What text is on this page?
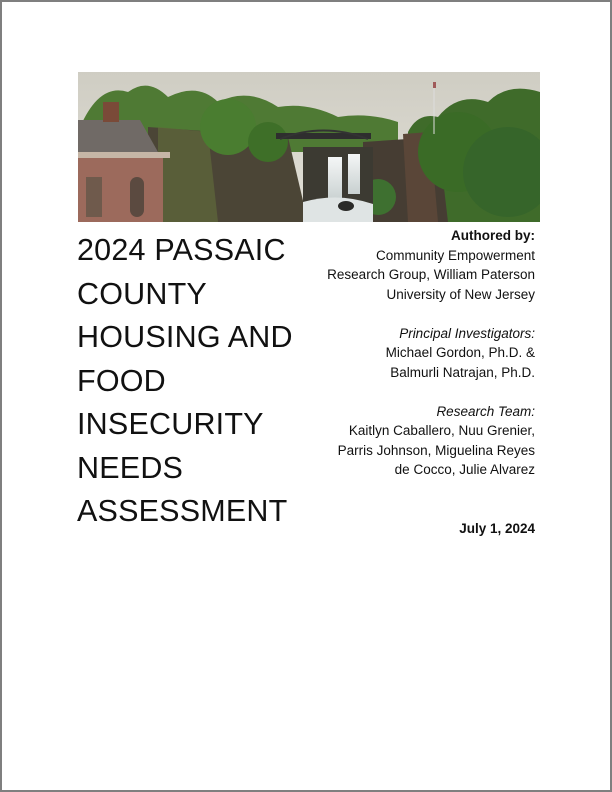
2024 PASSAIC
COUNTY
HOUSING AND
FOOD
INSECURITY
NEEDS
ASSESSMENT
Authored by:
Community Empowerment
Research Group, William Paterson
University of New Jersey
Principal Investigators:
Michael Gordon, Ph.D. &
Balmurli Natrajan, Ph.D.
Research Team:
Kaitlyn Caballero, Nuu Grenier,
Parris Johnson, Miguelina Reyes
de Cocco, Julie Alvarez
July 1, 2024
